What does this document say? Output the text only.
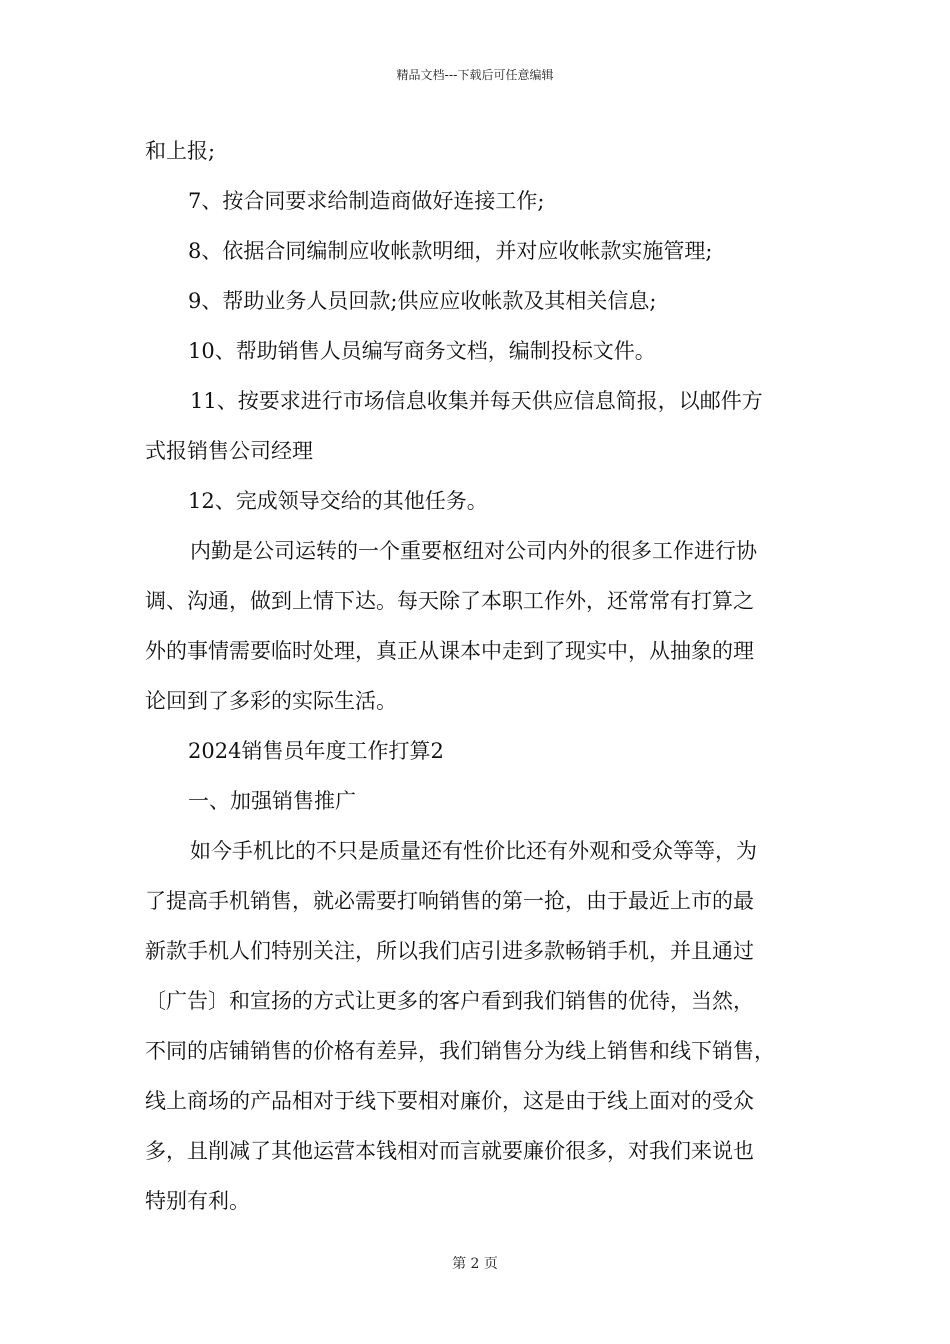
精品文档---下载后可任意编辑
和上报;
7、按合同要求给制造商做好连接工作;
8、依据合同编制应收帐款明细，并对应收帐款实施管理;
9、帮助业务人员回款;供应应收帐款及其相关信息;
10、帮助销售人员编写商务文档，编制投标文件。
11、按要求进行市场信息收集并每天供应信息简报，以邮件方
式报销售公司经理
12、完成领导交给的其他任务。
内勤是公司运转的一个重要枢纽对公司内外的很多工作进行协
调、沟通，做到上情下达。每天除了本职工作外，还常常有打算之
外的事情需要临时处理，真正从课本中走到了现实中，从抽象的理
论回到了多彩的实际生活。
2024销售员年度工作打算2
一、加强销售推广
如今手机比的不只是质量还有性价比还有外观和受众等等，为
了提高手机销售，就必需要打响销售的第一抢，由于最近上市的最
新款手机人们特别关注，所以我们店引进多款畅销手机，并且通过
〔广告〕和宣扬的方式让更多的客户看到我们销售的优待，当然，
不同的店铺销售的价格有差异，我们销售分为线上销售和线下销售，
线上商场的产品相对于线下要相对廉价，这是由于线上面对的受众
多，且削减了其他运营本钱相对而言就要廉价很多，对我们来说也
特别有利。
第 2 页
